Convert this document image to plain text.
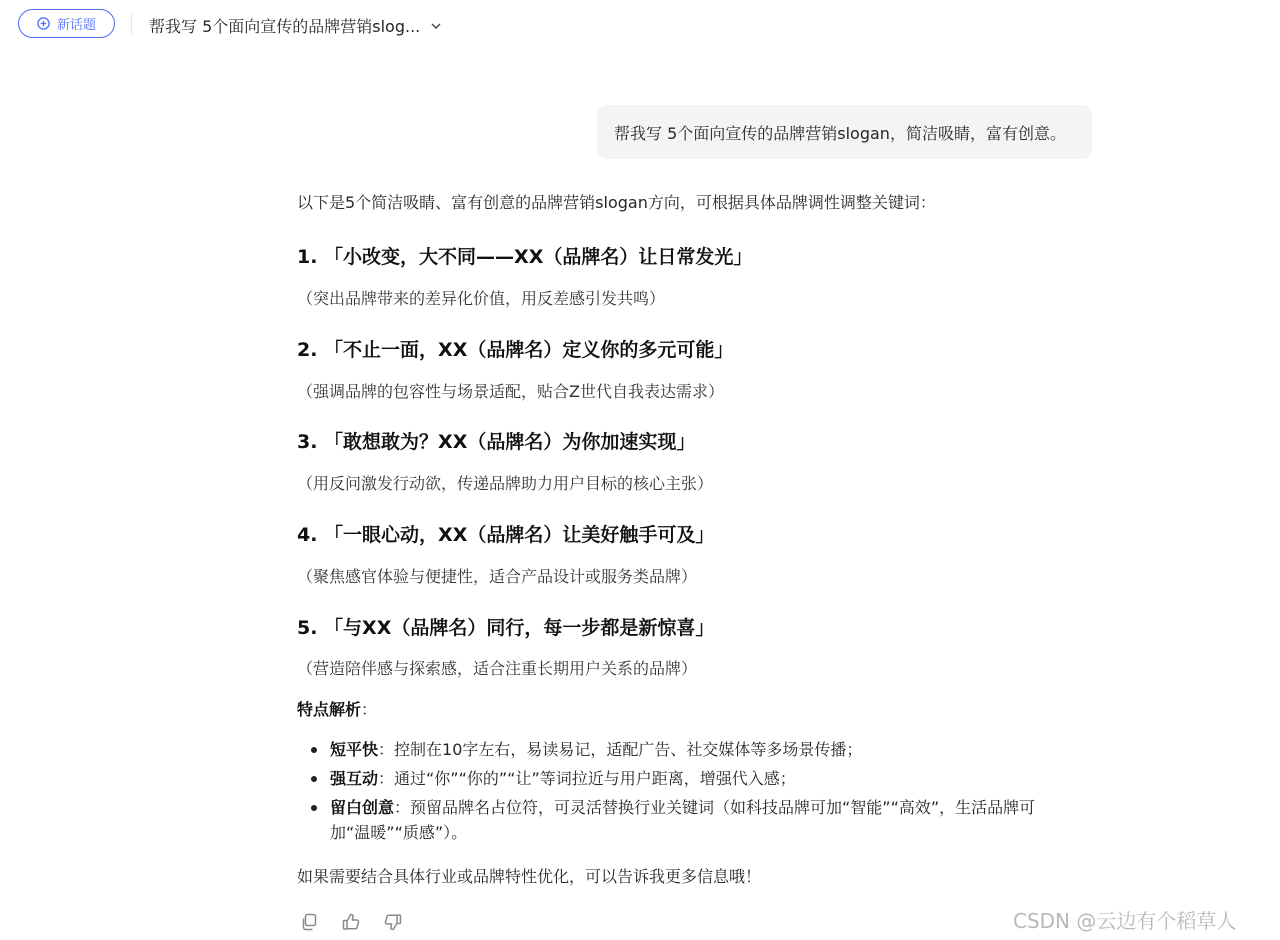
新话题	帮我写 5个面向宣传的品牌营销slog...
帮我写 5个面向宣传的品牌营销slogan，简洁吸睛，富有创意。
以下是5个简洁吸睛、富有创意的品牌营销slogan方向，可根据具体品牌调性调整关键词：
1. 「小改变，大不同——XX（品牌名）让日常发光」
（突出品牌带来的差异化价值，用反差感引发共鸣）
2. 「不止一面，XX（品牌名）定义你的多元可能」
（强调品牌的包容性与场景适配，贴合Z世代自我表达需求）
3. 「敢想敢为？XX（品牌名）为你加速实现」
（用反问激发行动欲，传递品牌助力用户目标的核心主张）
4. 「一眼心动，XX（品牌名）让美好触手可及」
（聚焦感官体验与便捷性，适合产品设计或服务类品牌）
5. 「与XX（品牌名）同行，每一步都是新惊喜」
（营造陪伴感与探索感，适合注重长期用户关系的品牌）
特点解析：
短平快：控制在10字左右，易读易记，适配广告、社交媒体等多场景传播；
强互动：通过“你”“你的”“让”等词拉近与用户距离，增强代入感；
留白创意：预留品牌名占位符，可灵活替换行业关键词（如科技品牌可加“智能”“高效”，生活品牌可加“温暖”“质感”）。
如果需要结合具体行业或品牌特性优化，可以告诉我更多信息哦！
CSDN @云边有个稻草人
